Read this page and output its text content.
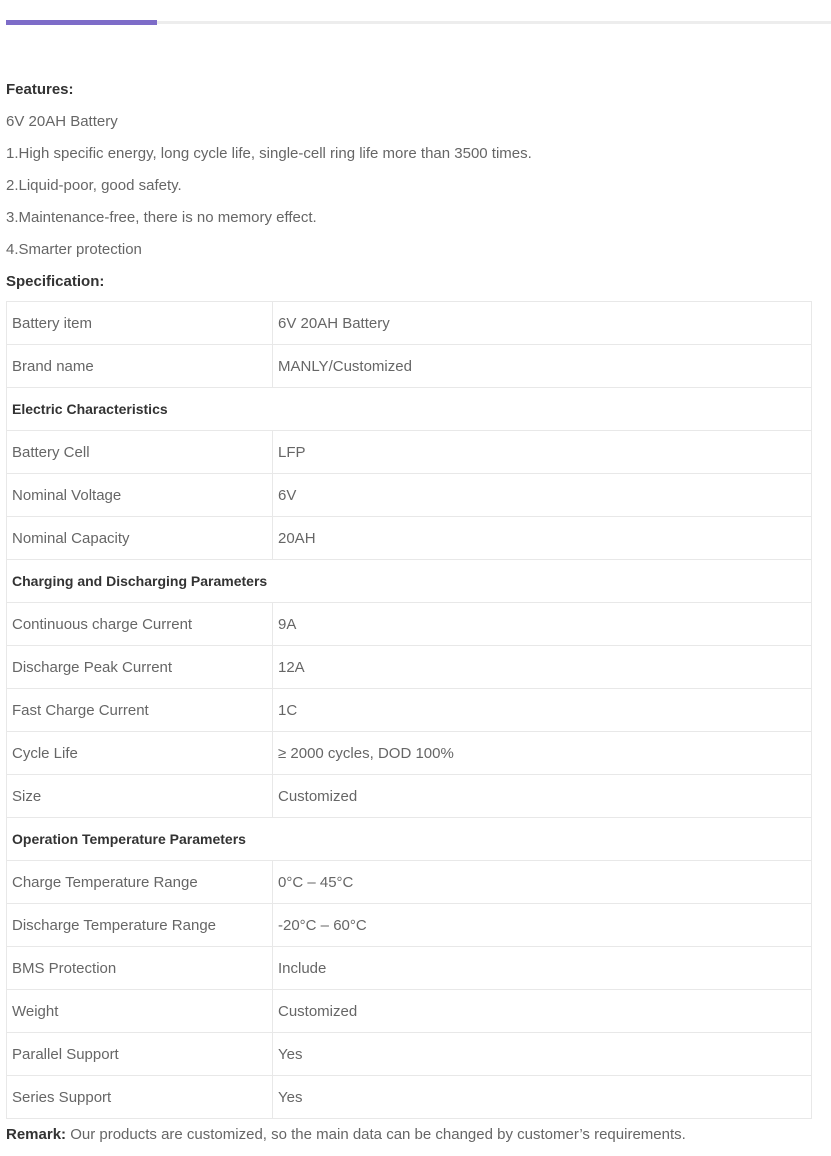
Features:

6V 20AH Battery

1.High specific energy, long cycle life, single-cell ring life more than 3500 times.

2.Liquid-poor, good safety.

3.Maintenance-free, there is no memory effect.

4.Smarter protection

Specification:

Battery item	6V 20AH Battery
Brand name	MANLY/Customized
Electric Characteristics	
Battery Cell	LFP
Nominal Voltage	6V
Nominal Capacity	20AH
Charging and Discharging Parameters	
Continuous charge Current	9A
Discharge Peak Current	12A
Fast Charge Current	1C
Cycle Life	≥ 2000 cycles, DOD 100%
Size	Customized
Operation Temperature Parameters	
Charge Temperature Range	0°C – 45°C
Discharge Temperature Range	-20°C – 60°C
BMS Protection	Include
Weight	Customized
Parallel Support	Yes
Series Support	Yes

Remark: Our products are customized, so the main data can be changed by customer’s requirements.
